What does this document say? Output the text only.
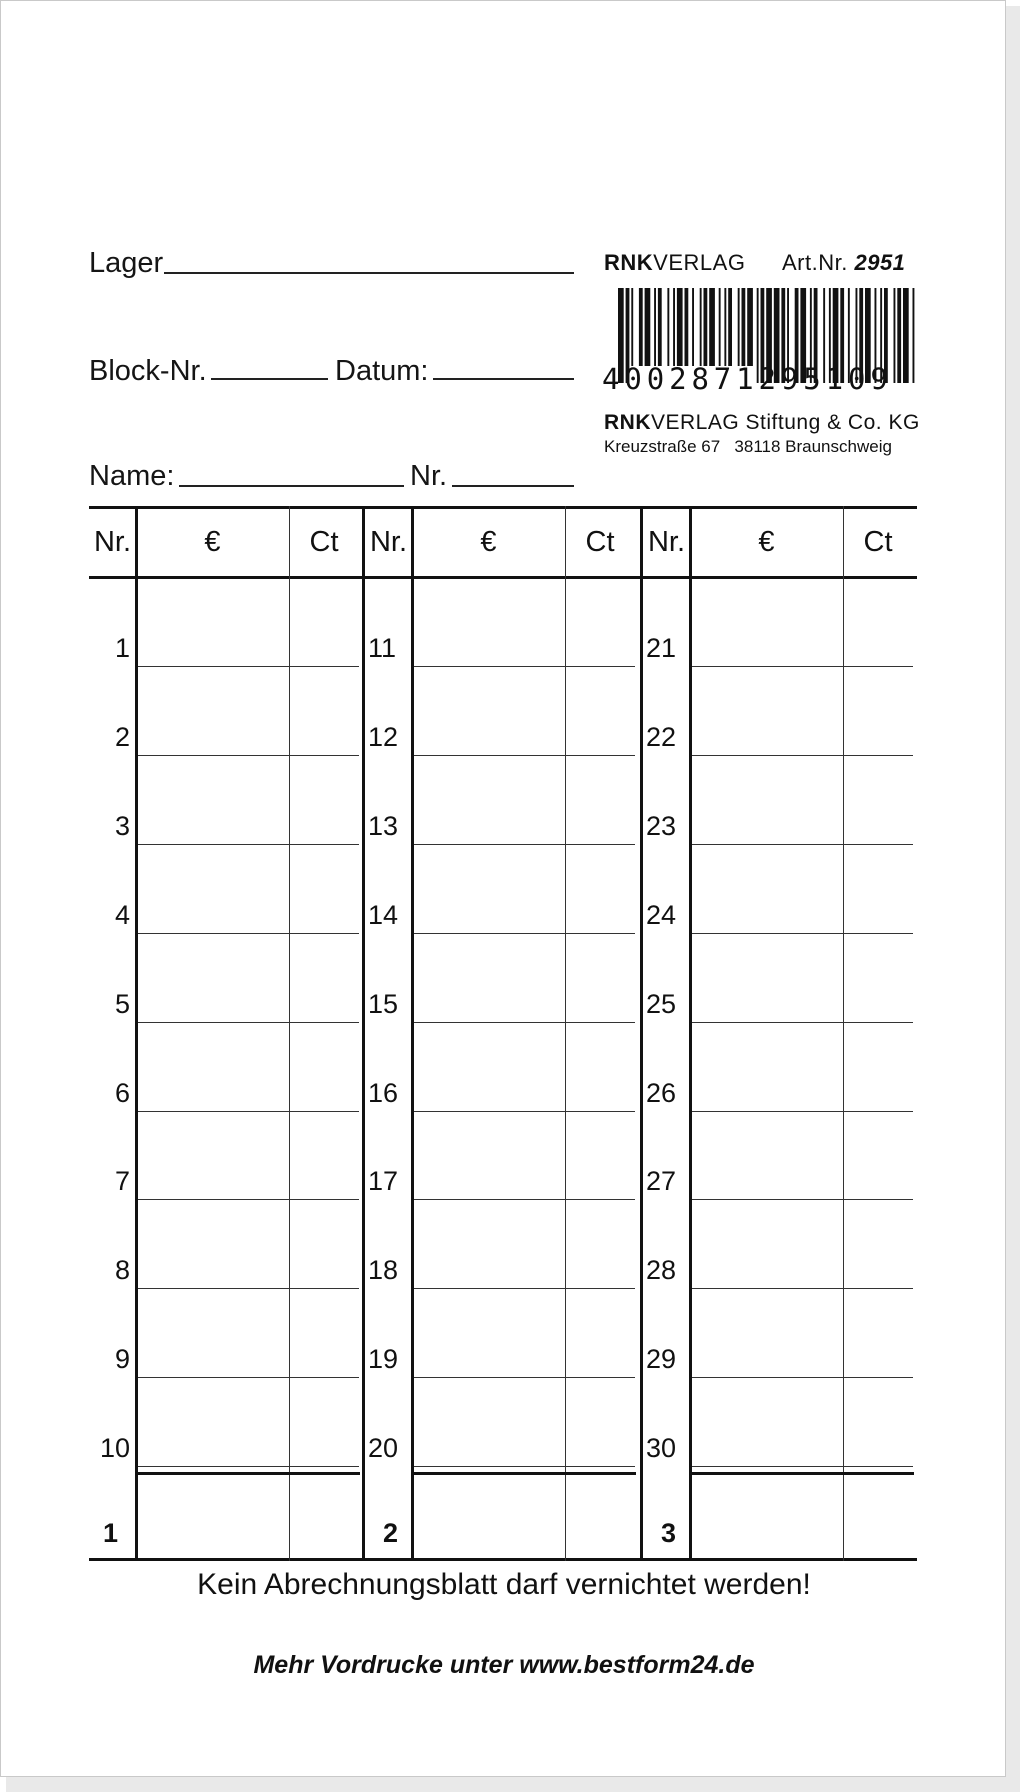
Lager
Block-Nr.	Datum:
Name:	Nr.
RNKVERLAG Art.Nr. 2951
4002871295109
RNKVERLAG Stiftung & Co. KG
Kreuzstraße 67 38118 Braunschweig
Nr.	€	Ct
1
2
3
4
5
6
7
8
9
10
1
Nr.	€	Ct
11
12
13
14
15
16
17
18
19
20
2
Nr.	€	Ct
21
22
23
24
25
26
27
28
29
30
3
Kein Abrechnungsblatt darf vernichtet werden!
Mehr Vordrucke unter www.bestform24.de
